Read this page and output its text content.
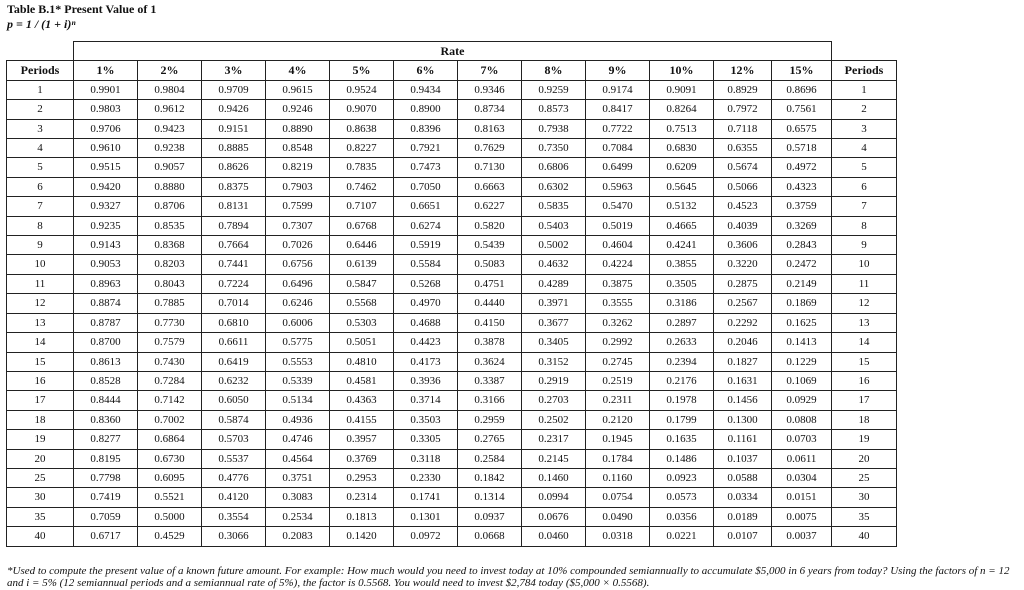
Table B.1* Present Value of 1
p = 1 / (1 + i)ⁿ
	Rate												
Periods	1%	2%	3%	4%	5%	6%	7%	8%	9%	10%	12%	15%	Periods
1	0.9901	0.9804	0.9709	0.9615	0.9524	0.9434	0.9346	0.9259	0.9174	0.9091	0.8929	0.8696	1
2	0.9803	0.9612	0.9426	0.9246	0.9070	0.8900	0.8734	0.8573	0.8417	0.8264	0.7972	0.7561	2
3	0.9706	0.9423	0.9151	0.8890	0.8638	0.8396	0.8163	0.7938	0.7722	0.7513	0.7118	0.6575	3
4	0.9610	0.9238	0.8885	0.8548	0.8227	0.7921	0.7629	0.7350	0.7084	0.6830	0.6355	0.5718	4
5	0.9515	0.9057	0.8626	0.8219	0.7835	0.7473	0.7130	0.6806	0.6499	0.6209	0.5674	0.4972	5
6	0.9420	0.8880	0.8375	0.7903	0.7462	0.7050	0.6663	0.6302	0.5963	0.5645	0.5066	0.4323	6
7	0.9327	0.8706	0.8131	0.7599	0.7107	0.6651	0.6227	0.5835	0.5470	0.5132	0.4523	0.3759	7
8	0.9235	0.8535	0.7894	0.7307	0.6768	0.6274	0.5820	0.5403	0.5019	0.4665	0.4039	0.3269	8
9	0.9143	0.8368	0.7664	0.7026	0.6446	0.5919	0.5439	0.5002	0.4604	0.4241	0.3606	0.2843	9
10	0.9053	0.8203	0.7441	0.6756	0.6139	0.5584	0.5083	0.4632	0.4224	0.3855	0.3220	0.2472	10
11	0.8963	0.8043	0.7224	0.6496	0.5847	0.5268	0.4751	0.4289	0.3875	0.3505	0.2875	0.2149	11
12	0.8874	0.7885	0.7014	0.6246	0.5568	0.4970	0.4440	0.3971	0.3555	0.3186	0.2567	0.1869	12
13	0.8787	0.7730	0.6810	0.6006	0.5303	0.4688	0.4150	0.3677	0.3262	0.2897	0.2292	0.1625	13
14	0.8700	0.7579	0.6611	0.5775	0.5051	0.4423	0.3878	0.3405	0.2992	0.2633	0.2046	0.1413	14
15	0.8613	0.7430	0.6419	0.5553	0.4810	0.4173	0.3624	0.3152	0.2745	0.2394	0.1827	0.1229	15
16	0.8528	0.7284	0.6232	0.5339	0.4581	0.3936	0.3387	0.2919	0.2519	0.2176	0.1631	0.1069	16
17	0.8444	0.7142	0.6050	0.5134	0.4363	0.3714	0.3166	0.2703	0.2311	0.1978	0.1456	0.0929	17
18	0.8360	0.7002	0.5874	0.4936	0.4155	0.3503	0.2959	0.2502	0.2120	0.1799	0.1300	0.0808	18
19	0.8277	0.6864	0.5703	0.4746	0.3957	0.3305	0.2765	0.2317	0.1945	0.1635	0.1161	0.0703	19
20	0.8195	0.6730	0.5537	0.4564	0.3769	0.3118	0.2584	0.2145	0.1784	0.1486	0.1037	0.0611	20
25	0.7798	0.6095	0.4776	0.3751	0.2953	0.2330	0.1842	0.1460	0.1160	0.0923	0.0588	0.0304	25
30	0.7419	0.5521	0.4120	0.3083	0.2314	0.1741	0.1314	0.0994	0.0754	0.0573	0.0334	0.0151	30
35	0.7059	0.5000	0.3554	0.2534	0.1813	0.1301	0.0937	0.0676	0.0490	0.0356	0.0189	0.0075	35
40	0.6717	0.4529	0.3066	0.2083	0.1420	0.0972	0.0668	0.0460	0.0318	0.0221	0.0107	0.0037	40
*Used to compute the present value of a known future amount. For example: How much would you need to invest today at 10% compounded semiannually to accumulate $5,000 in 6 years from today? Using the factors of n = 12 and i = 5% (12 semiannual periods and a semiannual rate of 5%), the factor is 0.5568. You would need to invest $2,784 today ($5,000 × 0.5568).
